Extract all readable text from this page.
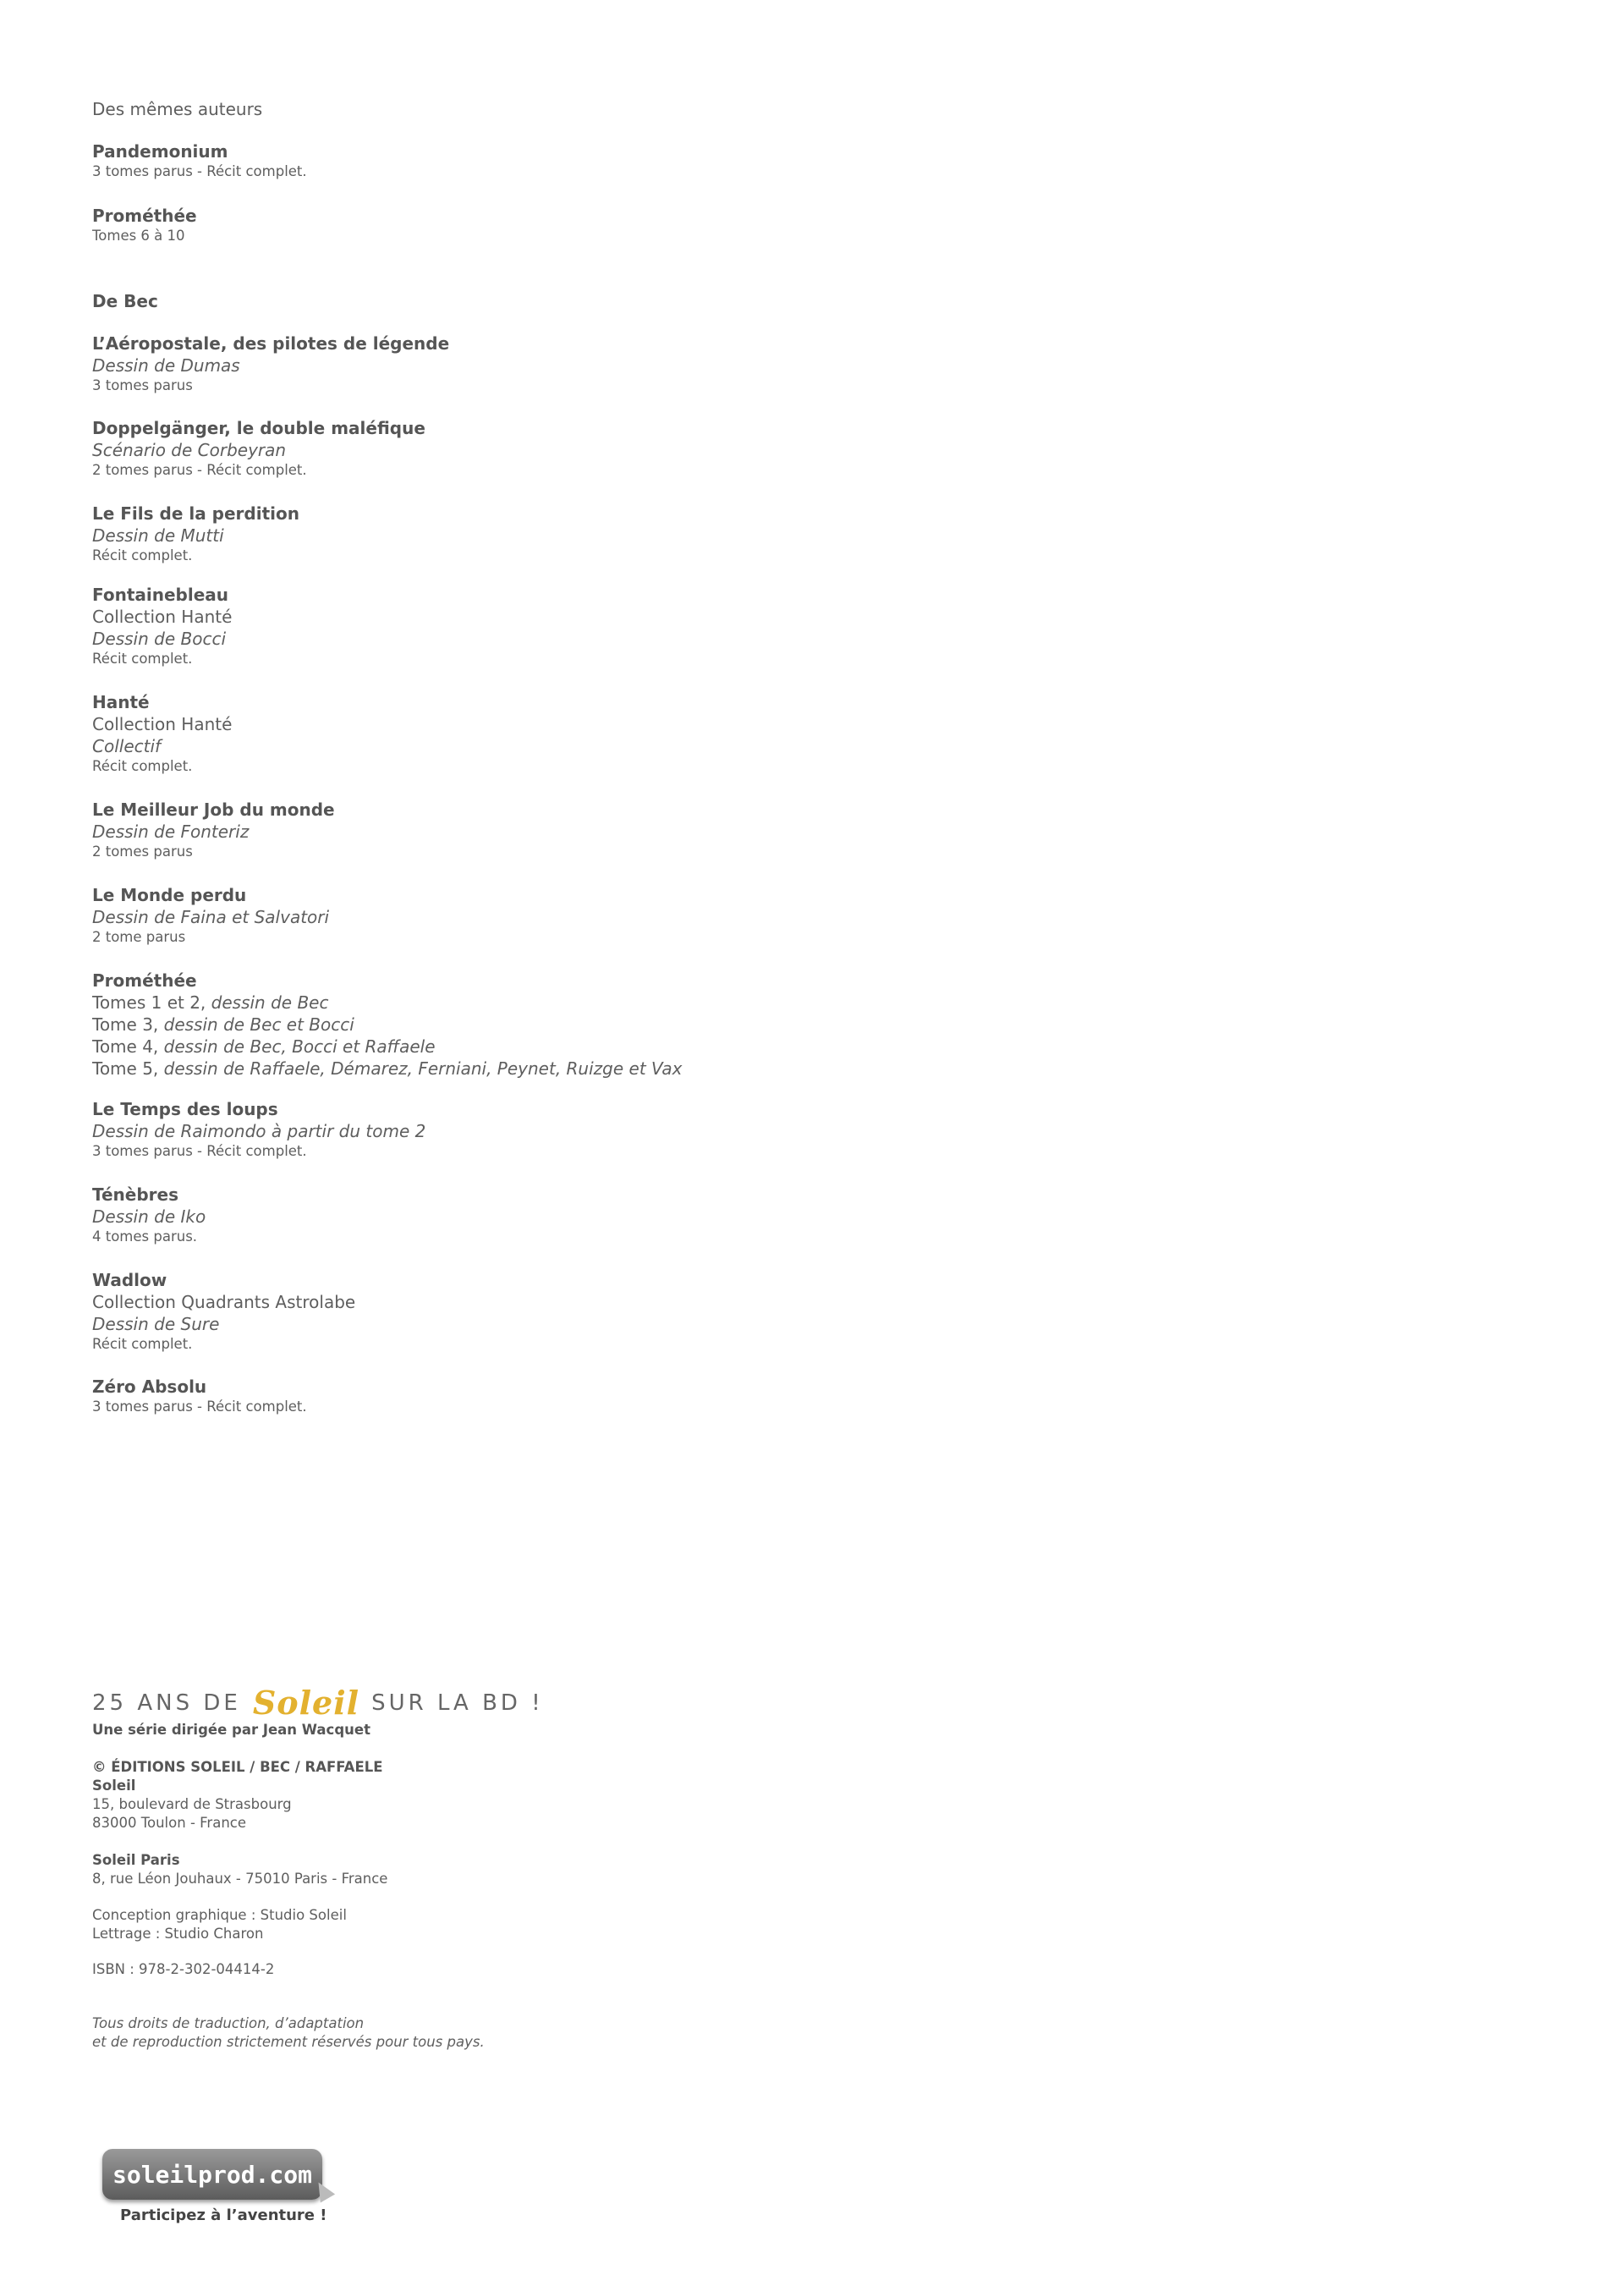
Des mêmes auteurs
Pandemonium
3 tomes parus - Récit complet.
Prométhée
Tomes 6 à 10
De Bec
L’Aéropostale, des pilotes de légende
Dessin de Dumas
3 tomes parus
Doppelgänger, le double maléfique
Scénario de Corbeyran
2 tomes parus - Récit complet.
Le Fils de la perdition
Dessin de Mutti
Récit complet.
Fontainebleau
Collection Hanté
Dessin de Bocci
Récit complet.
Hanté
Collection Hanté
Collectif
Récit complet.
Le Meilleur Job du monde
Dessin de Fonteriz
2 tomes parus
Le Monde perdu
Dessin de Faina et Salvatori
2 tome parus
Prométhée
Tomes 1 et 2, dessin de Bec
Tome 3, dessin de Bec et Bocci
Tome 4, dessin de Bec, Bocci et Raffaele
Tome 5, dessin de Raffaele, Démarez, Ferniani, Peynet, Ruizge et Vax
Le Temps des loups
Dessin de Raimondo à partir du tome 2
3 tomes parus - Récit complet.
Ténèbres
Dessin de Iko
4 tomes parus.
Wadlow
Collection Quadrants Astrolabe
Dessin de Sure
Récit complet.
Zéro Absolu
3 tomes parus - Récit complet.
25 ANS DE Soleil SUR LA BD !
Une série dirigée par Jean Wacquet
© ÉDITIONS SOLEIL / BEC / RAFFAELE
Soleil
15, boulevard de Strasbourg
83000 Toulon - France
Soleil Paris
8, rue Léon Jouhaux - 75010 Paris - France
Conception graphique : Studio Soleil
Lettrage : Studio Charon
ISBN : 978-2-302-04414-2
Tous droits de traduction, d’adaptation
et de reproduction strictement réservés pour tous pays.
soleilprod.com
Participez à l’aventure !
